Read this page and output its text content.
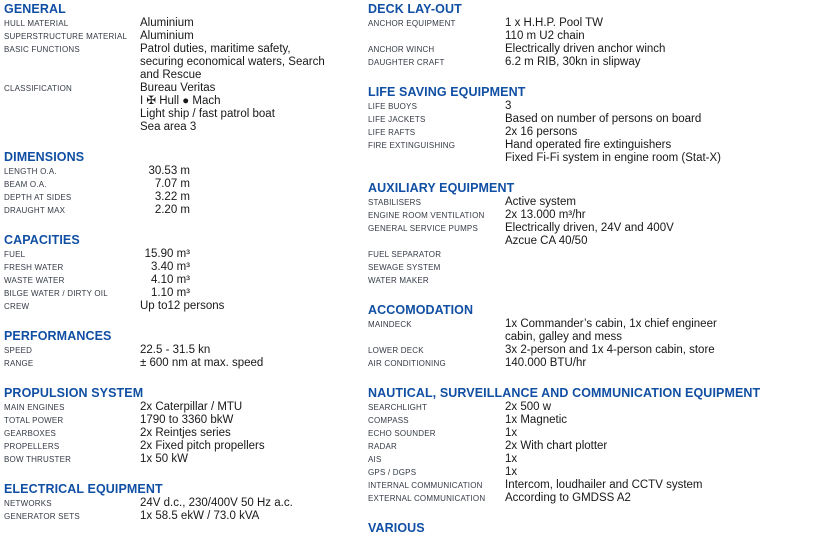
GENERAL
HULL MATERIAL	Aluminium
SUPERSTRUCTURE MATERIAL	Aluminium
BASIC FUNCTIONS	Patrol duties, maritime safety,
securing economical waters, Search
and Rescue
CLASSIFICATION	Bureau Veritas
I ✠ Hull ● Mach
Light ship / fast patrol boat
Sea area 3
DIMENSIONS
LENGTH O.A.	30.53 m
BEAM O.A.	7.07 m
DEPTH AT SIDES	3.22 m
DRAUGHT MAX	2.20 m
CAPACITIES
FUEL	15.90 m³
FRESH WATER	3.40 m³
WASTE WATER	4.10 m³
BILGE WATER / DIRTY OIL	1.10 m³
CREW	Up to12 persons
PERFORMANCES
SPEED	22.5 - 31.5 kn
RANGE	± 600 nm at max. speed
PROPULSION SYSTEM
MAIN ENGINES	2x Caterpillar / MTU
TOTAL POWER	1790 to 3360 bkW
GEARBOXES	2x Reintjes series
PROPELLERS	2x Fixed pitch propellers
BOW THRUSTER	1x 50 kW
ELECTRICAL EQUIPMENT
NETWORKS	24V d.c., 230/400V 50 Hz a.c.
GENERATOR SETS	1x 58.5 ekW / 73.0 kVA
DECK LAY-OUT
ANCHOR EQUIPMENT	1 x H.H.P. Pool TW
110 m U2 chain
ANCHOR WINCH	Electrically driven anchor winch
DAUGHTER CRAFT	6.2 m RIB, 30kn in slipway
LIFE SAVING EQUIPMENT
LIFE BUOYS	3
LIFE JACKETS	Based on number of persons on board
LIFE RAFTS	2x 16 persons
FIRE EXTINGUISHING	Hand operated fire extinguishers
Fixed Fi-Fi system in engine room (Stat-X)
AUXILIARY EQUIPMENT
STABILISERS	Active system
ENGINE ROOM VENTILATION	2x 13.000 m³/hr
GENERAL SERVICE PUMPS	Electrically driven, 24V and 400V
Azcue CA 40/50
FUEL SEPARATOR
SEWAGE SYSTEM
WATER MAKER
ACCOMODATION
MAINDECK	1x Commander’s cabin, 1x chief engineer
cabin, galley and mess
LOWER DECK	3x 2-person and 1x 4-person cabin, store
AIR CONDITIONING	140.000 BTU/hr
NAUTICAL, SURVEILLANCE AND COMMUNICATION EQUIPMENT
SEARCHLIGHT	2x 500 w
COMPASS	1x Magnetic
ECHO SOUNDER	1x
RADAR	2x With chart plotter
AIS	1x
GPS / DGPS	1x
INTERNAL COMMUNICATION	Intercom, loudhailer and CCTV system
EXTERNAL COMMUNICATION	According to GMDSS A2
VARIOUS
